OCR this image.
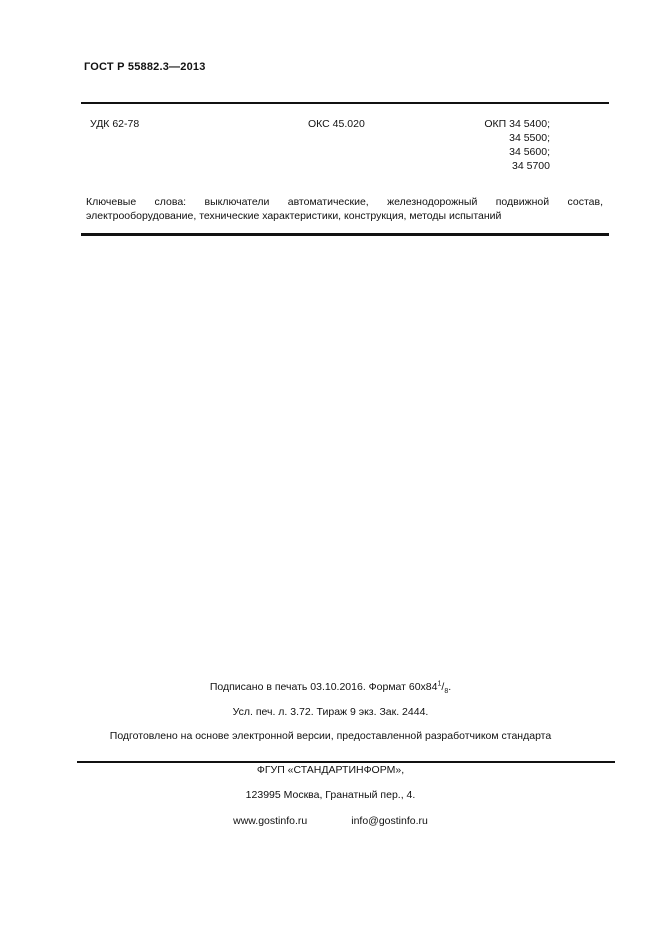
ГОСТ Р 55882.3—2013
УДК 62-78	ОКС 45.020	ОКП 34 5400;
34 5500;
34 5600;
34 5700
Ключевые слова: выключатели автоматические, железнодорожный подвижной состав, электрооборудование, технические характеристики, конструкция, методы испытаний
Подписано в печать 03.10.2016. Формат $60х84^1/_8$.
Усл. печ. л. 3.72. Тираж 9 экз. Зак. 2444.
Подготовлено на основе электронной версии, предоставленной разработчиком стандарта
ФГУП «СТАНДАРТИНФОРМ»,
123995 Москва, Гранатный пер., 4.
www.gostinfo.ru	info@gostinfo.ru
